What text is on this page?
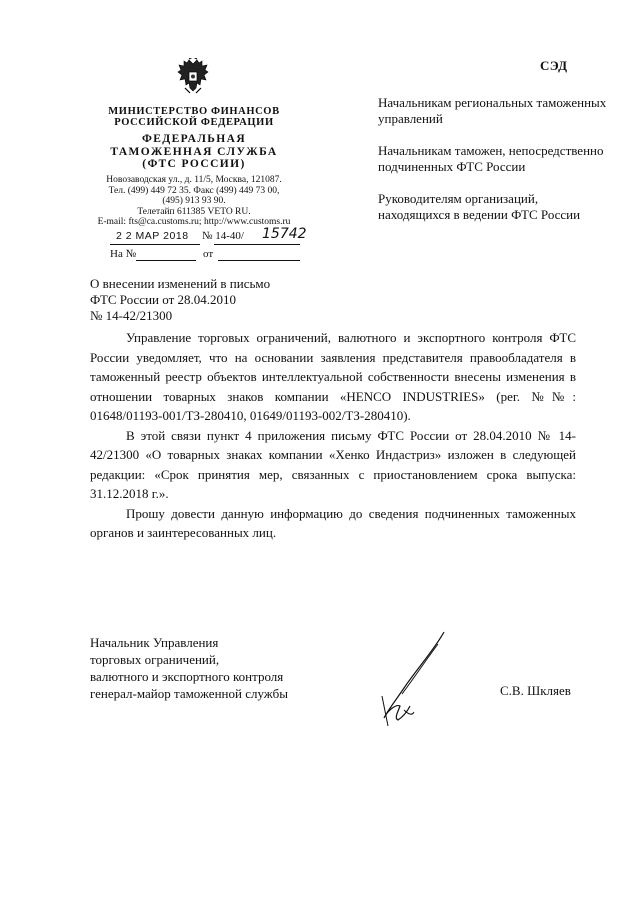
МИНИСТЕРСТВО ФИНАНСОВ
РОССИЙСКОЙ ФЕДЕРАЦИИ
ФЕДЕРАЛЬНАЯ
ТАМОЖЕННАЯ СЛУЖБА
(ФТС РОССИИ)
Новозаводская ул., д. 11/5, Москва, 121087.
Тел. (499) 449 72 35. Факс (499) 449 73 00,
(495) 913 93 90.
Телетайп 611385 VETO RU.
E-mail: fts@ca.customs.ru; http://www.customs.ru
2 2 МАР 2018 № 14-40/ 15742
На №	от
О внесении изменений в письмо
ФТС России от 28.04.2010
№ 14-42/21300
СЭД
Начальникам региональных таможенных управлений
Начальникам таможен, непосредственно подчиненных ФТС России
Руководителям организаций, находящихся в ведении ФТС России

Управление торговых ограничений, валютного и экспортного контроля ФТС России уведомляет, что на основании заявления представителя правообладателя в таможенный реестр объектов интеллектуальной собственности внесены изменения в отношении товарных знаков компании «HENCO INDUSTRIES» (рег. №№: 01648/01193-001/ТЗ-280410, 01649/01193-002/ТЗ-280410).

В этой связи пункт 4 приложения письму ФТС России от 28.04.2010 № 14-42/21300 «О товарных знаках компании «Хенко Индастриз» изложен в следующей редакции: «Срок принятия мер, связанных с приостановлением срока выпуска: 31.12.2018 г.».

Прошу довести данную информацию до сведения подчиненных таможенных органов и заинтересованных лиц.

Начальник Управления
торговых ограничений,
валютного и экспортного контроля
генерал-майор таможенной службы	С.В. Шкляев
